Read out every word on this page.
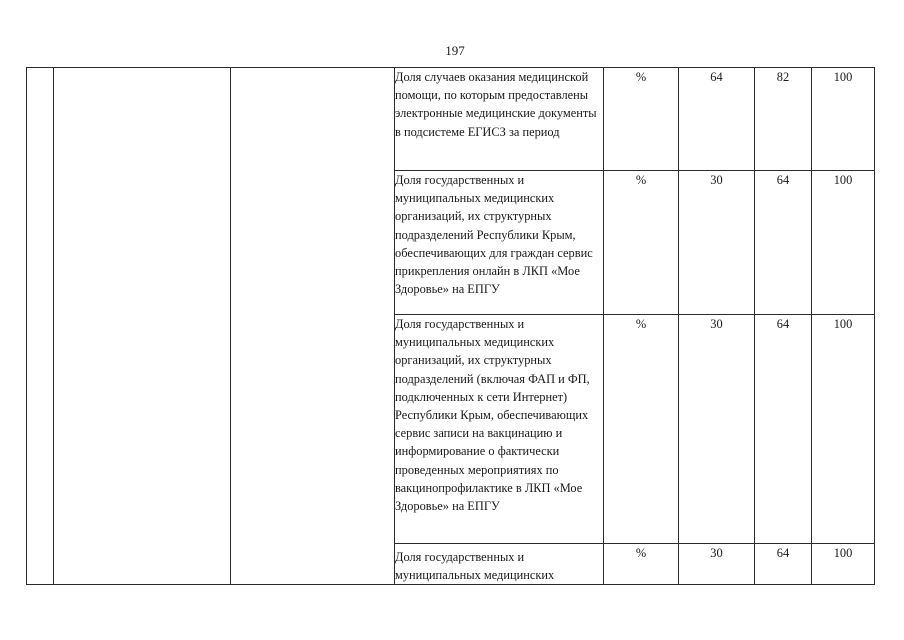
197
			Доля случаев оказания медицинской помощи, по которым предоставлены электронные медицинские документы в подсистеме ЕГИСЗ за период	%	64	82	100
			Доля государственных и муниципальных медицинских организаций, их структурных подразделений Республики Крым, обеспечивающих для граждан сервис прикрепления онлайн в ЛКП «Мое Здоровье» на ЕПГУ	%	30	64	100
			Доля государственных и муниципальных медицинских организаций, их структурных подразделений (включая ФАП и ФП, подключенных к сети Интернет) Республики Крым, обеспечивающих сервис записи на вакцинацию и информирование о фактически проведенных мероприятиях по вакцинопрофилактике в ЛКП «Мое Здоровье» на ЕПГУ	%	30	64	100
			Доля государственных и муниципальных медицинских	%	30	64	100
